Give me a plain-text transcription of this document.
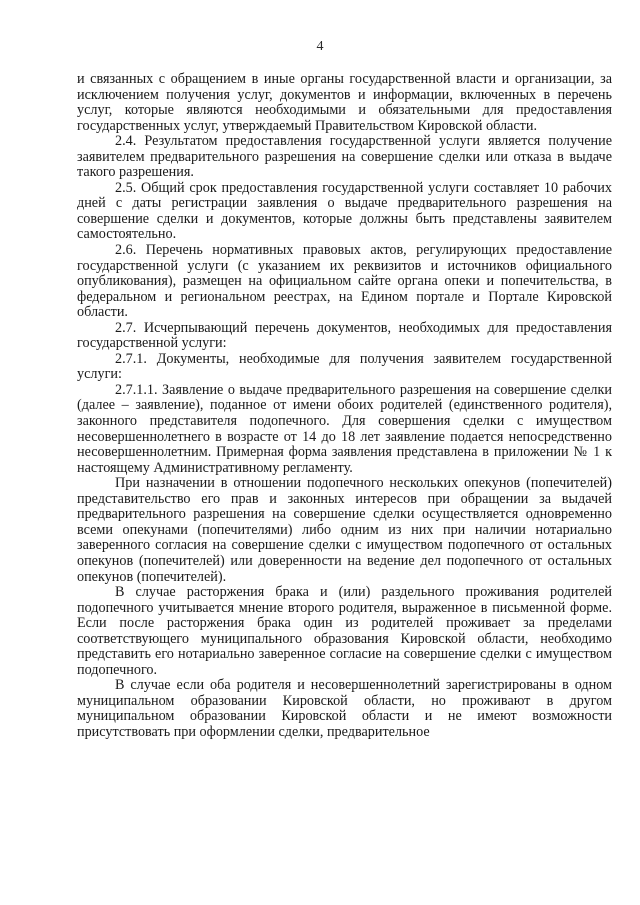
4

и связанных с обращением в иные органы государственной власти и организации, за исключением получения услуг, документов и информации, включенных в перечень услуг, которые являются необходимыми и обязательными для предоставления государственных услуг, утверждаемый Правительством Кировской области.

2.4. Результатом предоставления государственной услуги является получение заявителем предварительного разрешения на совершение сделки или отказа в выдаче такого разрешения.

2.5. Общий срок предоставления государственной услуги составляет 10 рабочих дней с даты регистрации заявления о выдаче предварительного разрешения на совершение сделки и документов, которые должны быть представлены заявителем самостоятельно.

2.6. Перечень нормативных правовых актов, регулирующих предоставление государственной услуги (с указанием их реквизитов и источников официального опубликования), размещен на официальном сайте органа опеки и попечительства, в федеральном и региональном реестрах, на Едином портале и Портале Кировской области.

2.7. Исчерпывающий перечень документов, необходимых для предоставления государственной услуги:

2.7.1. Документы, необходимые для получения заявителем государственной услуги:

2.7.1.1. Заявление о выдаче предварительного разрешения на совершение сделки (далее – заявление), поданное от имени обоих родителей (единственного родителя), законного представителя подопечного. Для совершения сделки с имуществом несовершеннолетнего в возрасте от 14 до 18 лет заявление подается непосредственно несовершеннолетним. Примерная форма заявления представлена в приложении № 1 к настоящему Административному регламенту.

При назначении в отношении подопечного нескольких опекунов (попечителей) представительство его прав и законных интересов при обращении за выдачей предварительного разрешения на совершение сделки осуществляется одновременно всеми опекунами (попечителями) либо одним из них при наличии нотариально заверенного согласия на совершение сделки с имуществом подопечного от остальных опекунов (попечителей) или доверенности на ведение дел подопечного от остальных опекунов (попечителей).

В случае расторжения брака и (или) раздельного проживания родителей подопечного учитывается мнение второго родителя, выраженное в письменной форме. Если после расторжения брака один из родителей проживает за пределами соответствующего муниципального образования Кировской области, необходимо представить его нотариально заверенное согласие на совершение сделки с имуществом подопечного.

В случае если оба родителя и несовершеннолетний зарегистрированы в одном муниципальном образовании Кировской области, но проживают в другом муниципальном образовании Кировской области и не имеют возможности присутствовать при оформлении сделки, предварительное
